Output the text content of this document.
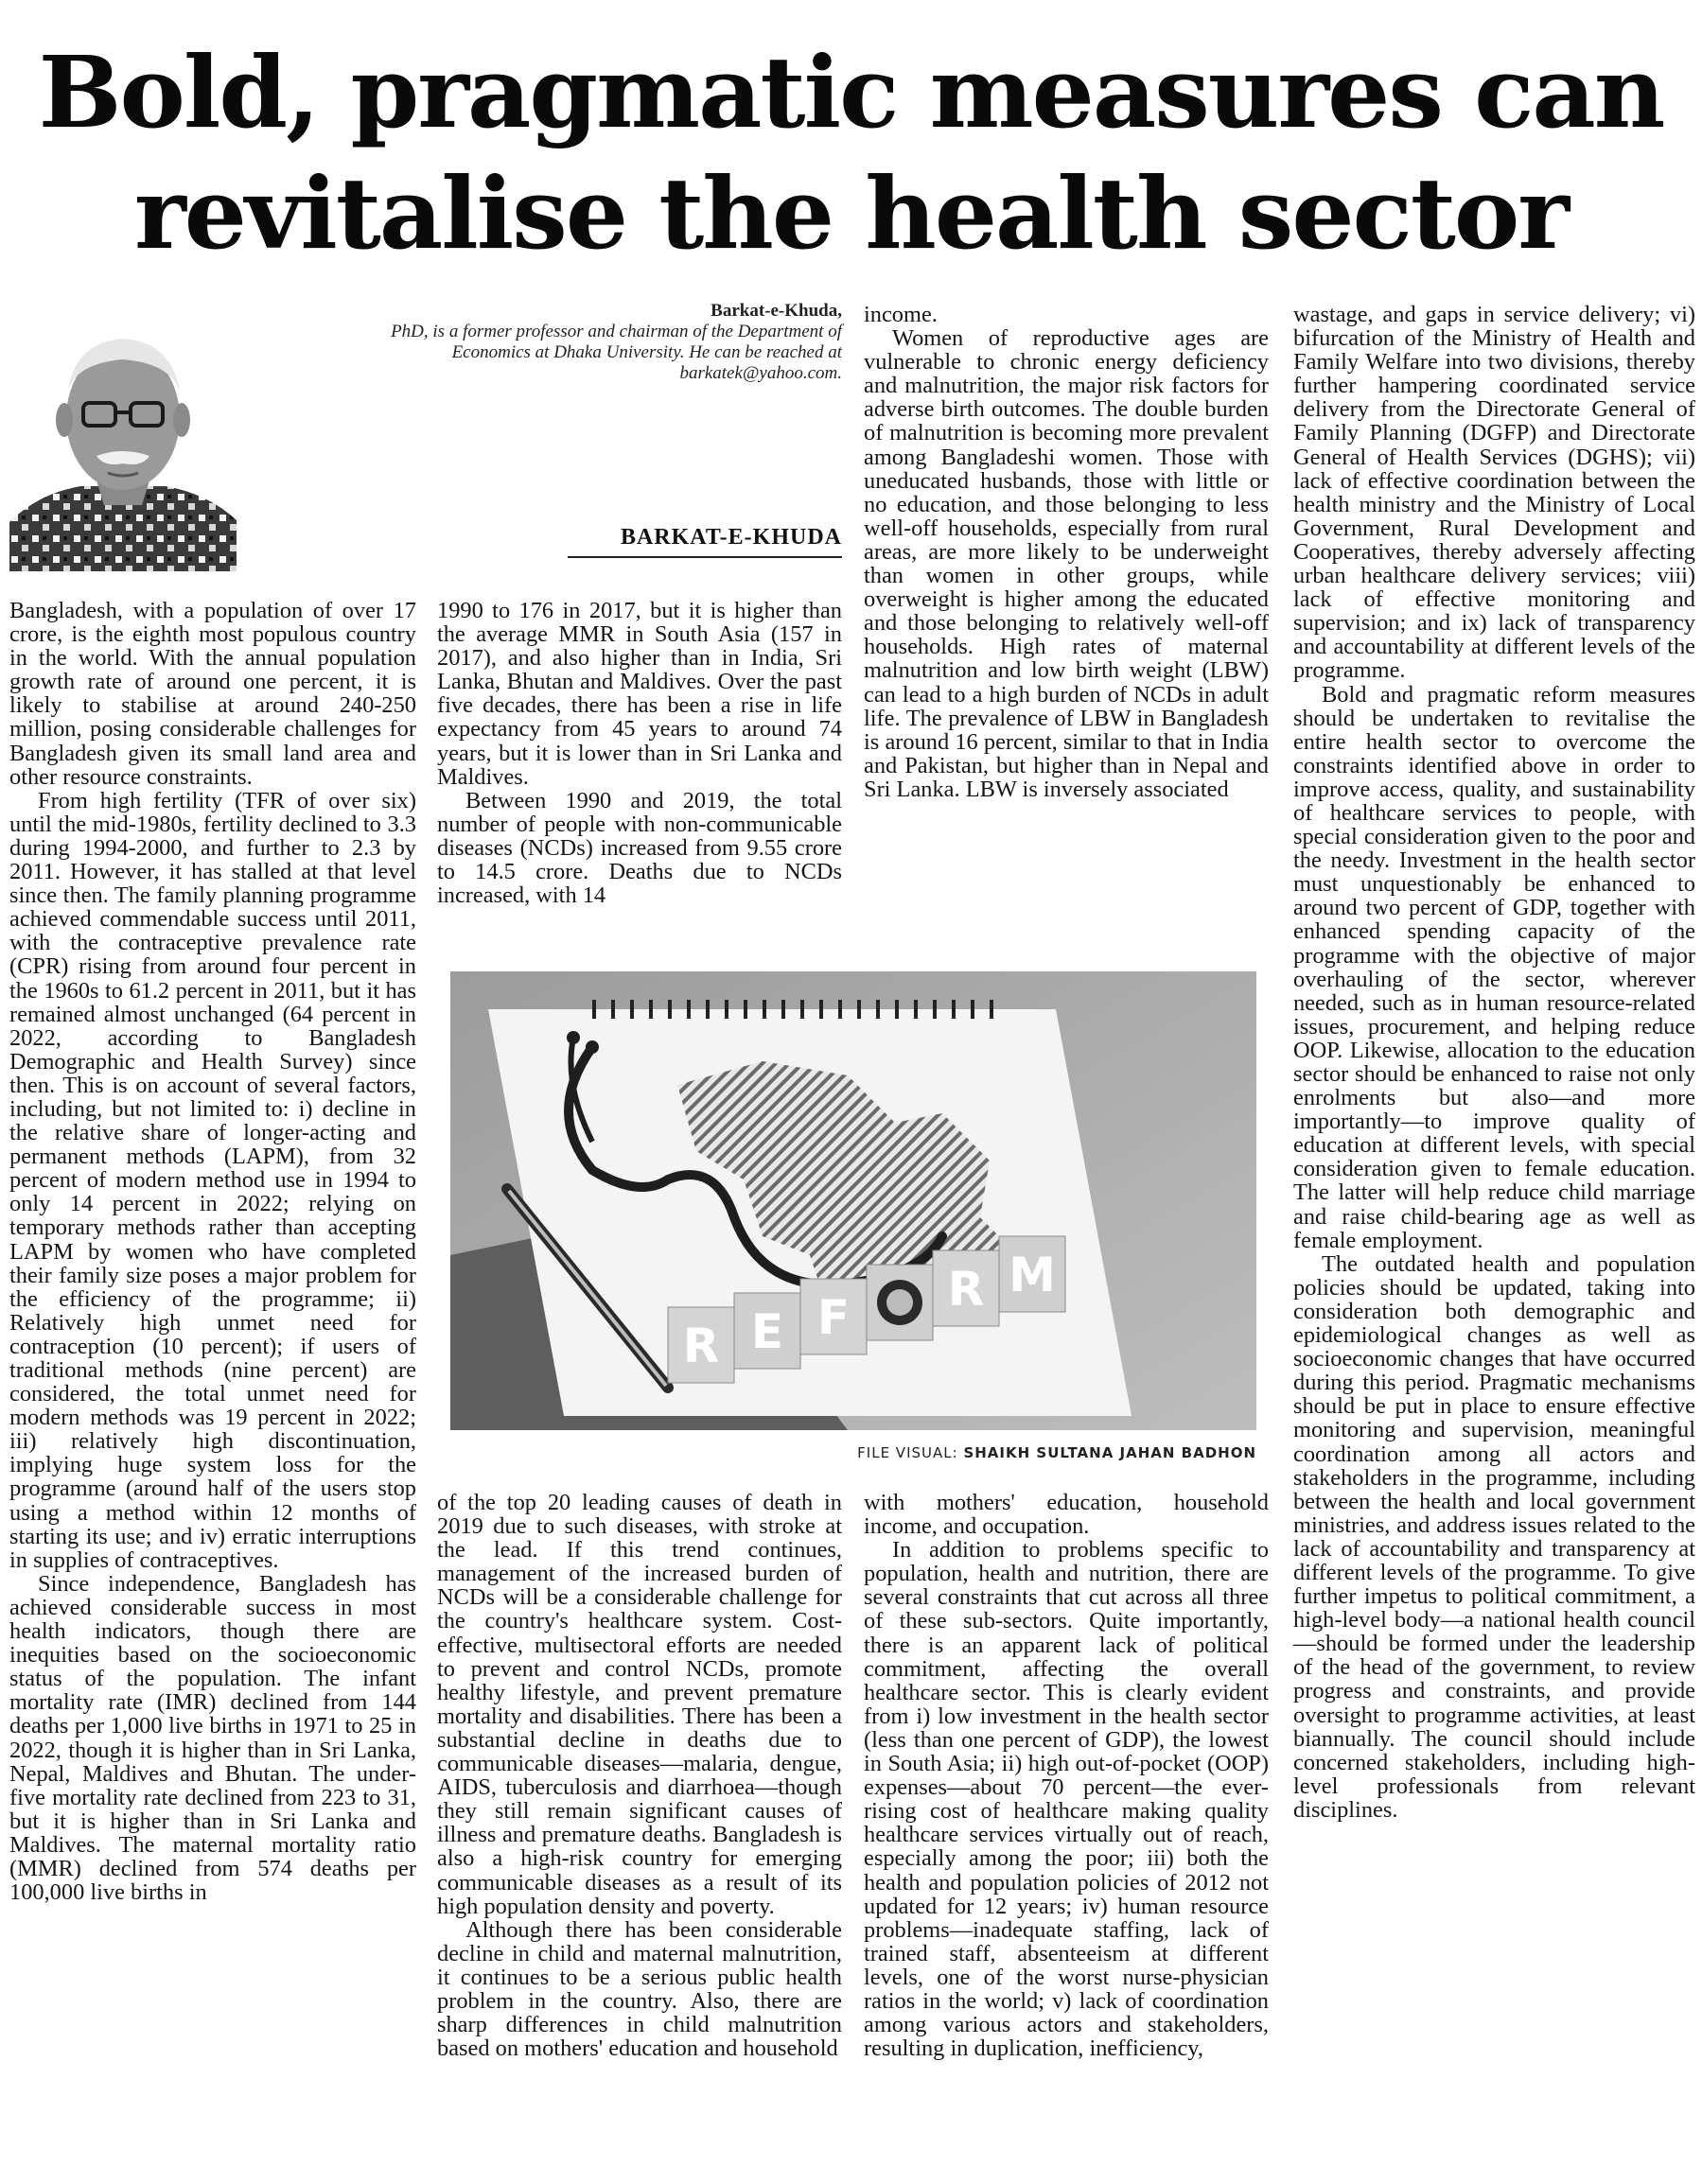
Bold, pragmatic measures can
revitalise the health sector
Barkat-e-Khuda,
PhD, is a former professor and chairman of the Department of Economics at Dhaka University. He can be reached at barkatek@yahoo.com.
BARKAT-E-KHUDA

Bangladesh, with a population of over 17 crore, is the eighth most populous country in the world. With the annual population growth rate of around one percent, it is likely to stabilise at around 240-250 million, posing considerable challenges for Bangladesh given its small land area and other resource constraints.

From high fertility (TFR of over six) until the mid-1980s, fertility declined to 3.3 during 1994-2000, and further to 2.3 by 2011. However, it has stalled at that level since then. The family planning programme achieved commendable success until 2011, with the contraceptive prevalence rate (CPR) rising from around four percent in the 1960s to 61.2 percent in 2011, but it has remained almost unchanged (64 percent in 2022, according to Bangladesh Demographic and Health Survey) since then. This is on account of several factors, including, but not limited to: i) decline in the relative share of longer-acting and permanent methods (LAPM), from 32 percent of modern method use in 1994 to only 14 percent in 2022; relying on temporary methods rather than accepting LAPM by women who have completed their family size poses a major problem for the efficiency of the programme; ii) Relatively high unmet need for contraception (10 percent); if users of traditional methods (nine percent) are considered, the total unmet need for modern methods was 19 percent in 2022; iii) relatively high discontinuation, implying huge system loss for the programme (around half of the users stop using a method within 12 months of starting its use; and iv) erratic interruptions in supplies of contraceptives.

Since independence, Bangladesh has achieved considerable success in most health indicators, though there are inequities based on the socioeconomic status of the population. The infant mortality rate (IMR) declined from 144 deaths per 1,000 live births in 1971 to 25 in 2022, though it is higher than in Sri Lanka, Nepal, Maldives and Bhutan. The under-five mortality rate declined from 223 to 31, but it is higher than in Sri Lanka and Maldives. The maternal mortality ratio (MMR) declined from 574 deaths per 100,000 live births in

1990 to 176 in 2017, but it is higher than the average MMR in South Asia (157 in 2017), and also higher than in India, Sri Lanka, Bhutan and Maldives. Over the past five decades, there has been a rise in life expectancy from 45 years to around 74 years, but it is lower than in Sri Lanka and Maldives.

Between 1990 and 2019, the total number of people with non-communicable diseases (NCDs) increased from 9.55 crore to 14.5 crore. Deaths due to NCDs increased, with 14

of the top 20 leading causes of death in 2019 due to such diseases, with stroke at the lead. If this trend continues, management of the increased burden of NCDs will be a considerable challenge for the country's healthcare system. Cost-effective, multisectoral efforts are needed to prevent and control NCDs, promote healthy lifestyle, and prevent premature mortality and disabilities. There has been a substantial decline in deaths due to communicable diseases—malaria, dengue, AIDS, tuberculosis and diarrhoea—though they still remain significant causes of illness and premature deaths. Bangladesh is also a high-risk country for emerging communicable diseases as a result of its high population density and poverty.

Although there has been considerable decline in child and maternal malnutrition, it continues to be a serious public health problem in the country. Also, there are sharp differences in child malnutrition based on mothers' education and household

income.

Women of reproductive ages are vulnerable to chronic energy deficiency and malnutrition, the major risk factors for adverse birth outcomes. The double burden of malnutrition is becoming more prevalent among Bangladeshi women. Those with uneducated husbands, those with little or no education, and those belonging to less well-off households, especially from rural areas, are more likely to be underweight than women in other groups, while overweight is higher among the educated and those belonging to relatively well-off households. High rates of maternal malnutrition and low birth weight (LBW) can lead to a high burden of NCDs in adult life. The prevalence of LBW in Bangladesh is around 16 percent, similar to that in India and Pakistan, but higher than in Nepal and Sri Lanka. LBW is inversely associated

with mothers' education, household income, and occupation.

In addition to problems specific to population, health and nutrition, there are several constraints that cut across all three of these sub-sectors. Quite importantly, there is an apparent lack of political commitment, affecting the overall healthcare sector. This is clearly evident from i) low investment in the health sector (less than one percent of GDP), the lowest in South Asia; ii) high out-of-pocket (OOP) expenses—about 70 percent—the ever-rising cost of healthcare making quality healthcare services virtually out of reach, especially among the poor; iii) both the health and population policies of 2012 not updated for 12 years; iv) human resource problems—inadequate staffing, lack of trained staff, absenteeism at different levels, one of the worst nurse-physician ratios in the world; v) lack of coordination among various actors and stakeholders, resulting in duplication, inefficiency,

wastage, and gaps in service delivery; vi) bifurcation of the Ministry of Health and Family Welfare into two divisions, thereby further hampering coordinated service delivery from the Directorate General of Family Planning (DGFP) and Directorate General of Health Services (DGHS); vii) lack of effective coordination between the health ministry and the Ministry of Local Government, Rural Development and Cooperatives, thereby adversely affecting urban healthcare delivery services; viii) lack of effective monitoring and supervision; and ix) lack of transparency and accountability at different levels of the programme.

Bold and pragmatic reform measures should be undertaken to revitalise the entire health sector to overcome the constraints identified above in order to improve access, quality, and sustainability of healthcare services to people, with special consideration given to the poor and the needy. Investment in the health sector must unquestionably be enhanced to around two percent of GDP, together with enhanced spending capacity of the programme with the objective of major overhauling of the sector, wherever needed, such as in human resource-related issues, procurement, and helping reduce OOP. Likewise, allocation to the education sector should be enhanced to raise not only enrolments but also—and more importantly—to improve quality of education at different levels, with special consideration given to female education. The latter will help reduce child marriage and raise child-bearing age as well as female employment.

The outdated health and population policies should be updated, taking into consideration both demographic and epidemiological changes as well as socioeconomic changes that have occurred during this period. Pragmatic mechanisms should be put in place to ensure effective monitoring and supervision, meaningful coordination among all actors and stakeholders in the programme, including between the health and local government ministries, and address issues related to the lack of accountability and transparency at different levels of the programme. To give further impetus to political commitment, a high-level body—a national health council—should be formed under the leadership of the head of the government, to review progress and constraints, and provide oversight to programme activities, at least biannually. The council should include concerned stakeholders, including high-level professionals from relevant disciplines.

R E F
R M
FILE VISUAL: SHAIKH SULTANA JAHAN BADHON
